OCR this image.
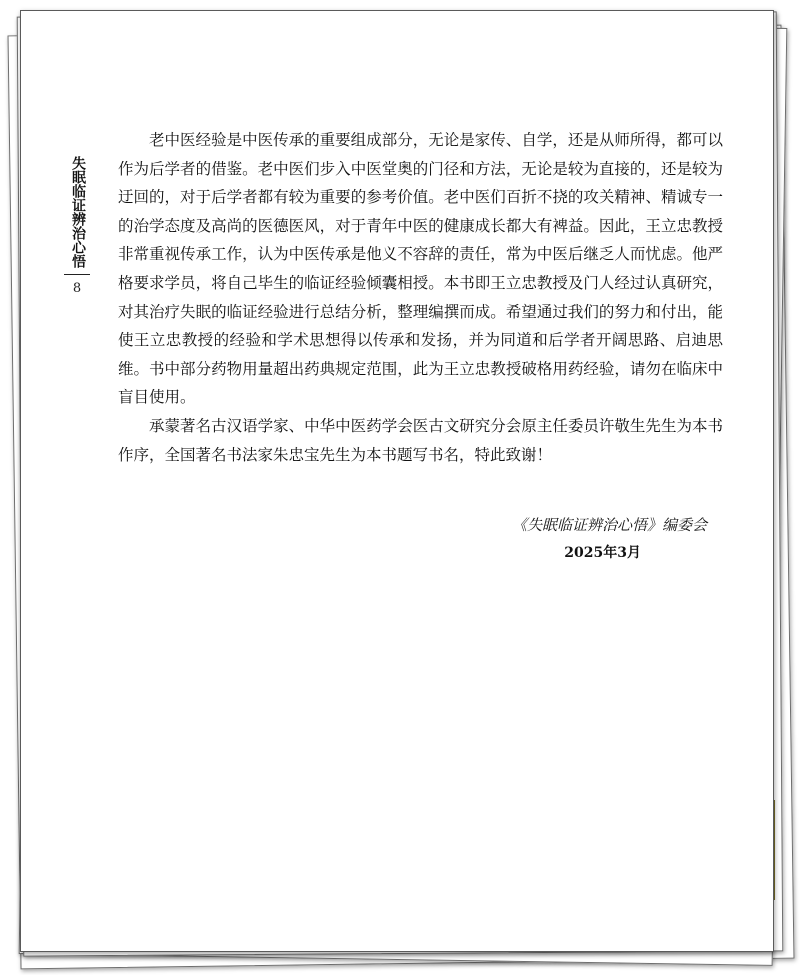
失眠临证辨治心悟
8

老中医经验是中医传承的重要组成部分，无论是家传、自学，还是从师所得，都可以作为后学者的借鉴。老中医们步入中医堂奥的门径和方法，无论是较为直接的，还是较为迂回的，对于后学者都有较为重要的参考价值。老中医们百折不挠的攻关精神、精诚专一的治学态度及高尚的医德医风，对于青年中医的健康成长都大有裨益。因此，王立忠教授非常重视传承工作，认为中医传承是他义不容辞的责任，常为中医后继乏人而忧虑。他严格要求学员，将自己毕生的临证经验倾囊相授。本书即王立忠教授及门人经过认真研究，对其治疗失眠的临证经验进行总结分析，整理编撰而成。希望通过我们的努力和付出，能使王立忠教授的经验和学术思想得以传承和发扬，并为同道和后学者开阔思路、启迪思维。书中部分药物用量超出药典规定范围，此为王立忠教授破格用药经验，请勿在临床中盲目使用。

承蒙著名古汉语学家、中华中医药学会医古文研究分会原主任委员许敬生先生为本书作序，全国著名书法家朱忠宝先生为本书题写书名，特此致谢！

《失眠临证辨治心悟》编委会
2025年3月
